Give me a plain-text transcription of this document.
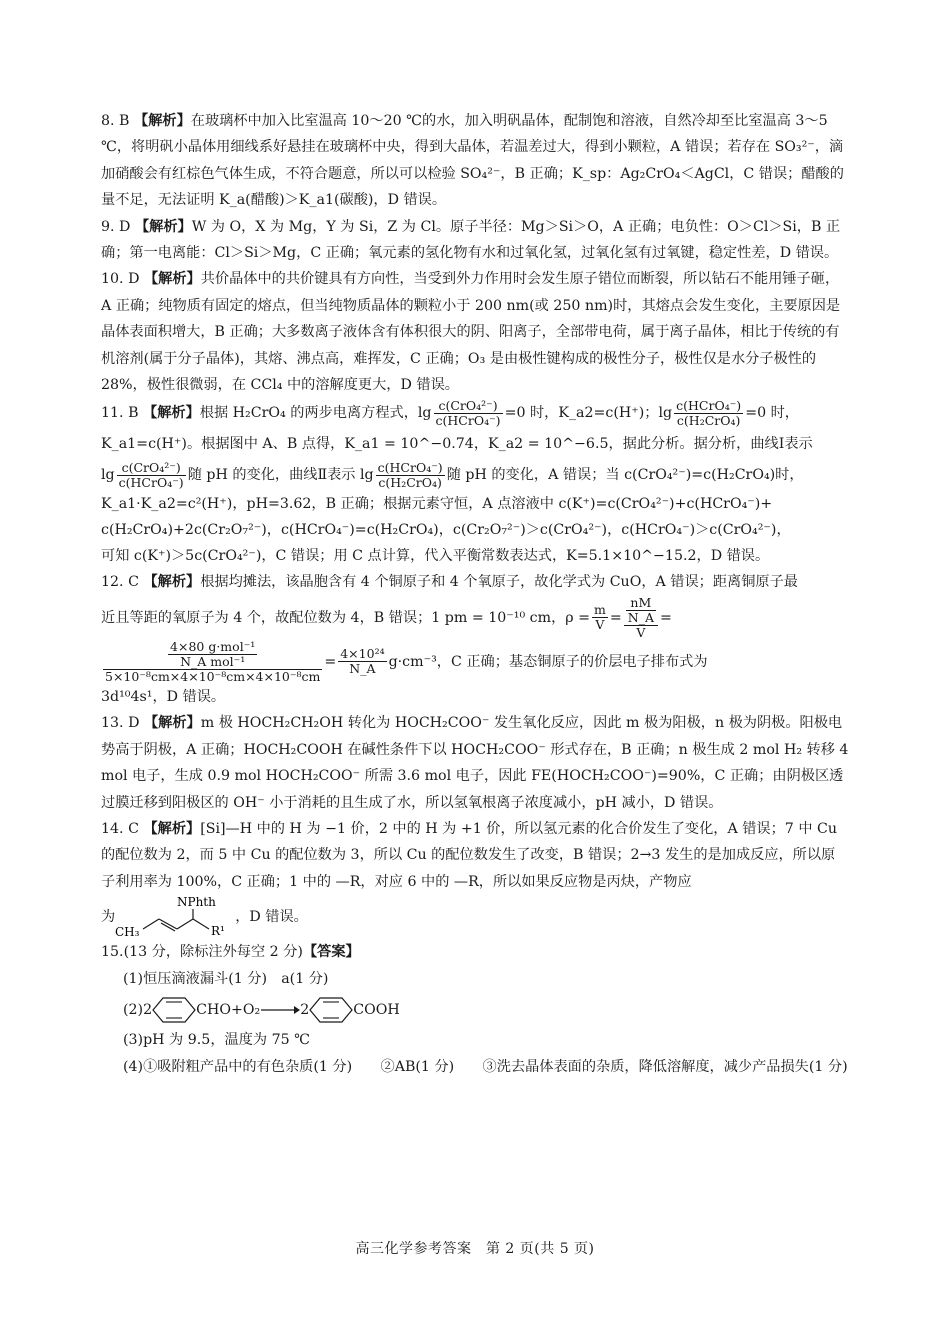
8. B 【解析】在玻璃杯中加入比室温高 10～20 ℃的水，加入明矾晶体，配制饱和溶液，自然冷却至比室温高 3～5 ℃，将明矾小晶体用细线系好悬挂在玻璃杯中央，得到大晶体，若温差过大，得到小颗粒，A 错误；若存在 SO₃²⁻，滴加硝酸会有红棕色气体生成，不符合题意，所以可以检验 SO₄²⁻，B 正确；K_sp：Ag₂CrO₄＜AgCl，C 错误；醋酸的量不足，无法证明 K_a(醋酸)＞K_a1(碳酸)，D 错误。

9. D 【解析】W 为 O，X 为 Mg，Y 为 Si，Z 为 Cl。原子半径：Mg＞Si＞O，A 正确；电负性：O＞Cl＞Si，B 正确；第一电离能：Cl＞Si＞Mg，C 正确；氧元素的氢化物有水和过氧化氢，过氧化氢有过氧键，稳定性差，D 错误。

10. D 【解析】共价晶体中的共价键具有方向性，当受到外力作用时会发生原子错位而断裂，所以钻石不能用锤子砸，A 正确；纯物质有固定的熔点，但当纯物质晶体的颗粒小于 200 nm(或 250 nm)时，其熔点会发生变化，主要原因是晶体表面积增大，B 正确；大多数离子液体含有体积很大的阴、阳离子，全部带电荷，属于离子晶体，相比于传统的有机溶剂(属于分子晶体)，其熔、沸点高，难挥发，C 正确；O₃ 是由极性键构成的极性分子，极性仅是水分子极性的 28%，极性很微弱，在 CCl₄ 中的溶解度更大，D 错误。

11. B 【解析】根据 H₂CrO₄ 的两步电离方程式，$\lg \frac{\text{c(CrO₄²⁻)}}{\text{c(HCrO₄⁻)}} =0$ 时，K_a2=c(H⁺)；$\lg \frac{\text{c(HCrO₄⁻)}}{\text{c(H₂CrO₄)}} =0$ 时，
K_a1=c(H⁺)。根据图中 A、B 点得，K_a1 = 10^−0.74，K_a2 = 10^−6.5，据此分析。据分析，曲线Ⅰ表示
$\lg \frac{\text{c(CrO₄²⁻)}}{\text{c(HCrO₄⁻)}}$ 随 pH 的变化，曲线Ⅱ表示 $\lg \frac{\text{c(HCrO₄⁻)}}{\text{c(H₂CrO₄)}}$ 随 pH 的变化，A 错误；当 c(CrO₄²⁻)=c(H₂CrO₄)时，
K_a1·K_a2=c²(H⁺)，pH=3.62，B 正确；根据元素守恒，A 点溶液中 c(K⁺)=c(CrO₄²⁻)+c(HCrO₄⁻)+
c(H₂CrO₄)+2c(Cr₂O₇²⁻)，c(HCrO₄⁻)=c(H₂CrO₄)，c(Cr₂O₇²⁻)＞c(CrO₄²⁻)，c(HCrO₄⁻)＞c(CrO₄²⁻)，
可知 c(K⁺)＞5c(CrO₄²⁻)，C 错误；用 C 点计算，代入平衡常数表达式，K=5.1×10^−15.2，D 错误。
12. C 【解析】根据均摊法，该晶胞含有 4 个铜原子和 4 个氧原子，故化学式为 CuO，A 错误；距离铜原子最
近且等距的氧原子为 4 个，故配位数为 4，B 错误；1 pm = 10⁻¹⁰ cm，$\rho = \frac{m}{V} = \frac{\frac{nM}{N\_A}}{V}$ =
$\frac{\frac{\text{4×80 g·mol⁻¹}}{\text{N\_A mol⁻¹}}}{\text{5×10⁻⁸cm×4×10⁻⁸cm×4×10⁻⁸cm}} = \frac{\text{4×10²⁴}}{N\_A} g\cdot cm^{-3}$，C 正确；基态铜原子的价层电子排布式为
3d¹⁰4s¹，D 错误。

13. D 【解析】m 极 HOCH₂CH₂OH 转化为 HOCH₂COO⁻ 发生氧化反应，因此 m 极为阳极，n 极为阴极。阳极电势高于阴极，A 正确；HOCH₂COOH 在碱性条件下以 HOCH₂COO⁻ 形式存在，B 正确；n 极生成 2 mol H₂ 转移 4 mol 电子，生成 0.9 mol HOCH₂COO⁻ 所需 3.6 mol 电子，因此 FE(HOCH₂COO⁻)=90%，C 正确；由阴极区透过膜迁移到阳极区的 OH⁻ 小于消耗的且生成了水，所以氢氧根离子浓度减小，pH 减小，D 错误。

14. C 【解析】[Si]—H 中的 H 为 −1 价，2 中的 H 为 +1 价，所以氢元素的化合价发生了变化，A 错误；7 中 Cu 的配位数为 2，而 5 中 Cu 的配位数为 3，所以 Cu 的配位数发生了改变，B 错误；2→3 发生的是加成反应，所以原子利用率为 100%，C 正确；1 中的 —R，对应 6 中的 —R，所以如果反应物是丙炔，产物应

为
NPhth
CH₃	R¹
，D 错误。

15.(13 分，除标注外每空 2 分)【答案】
(1)恒压滴液漏斗(1 分)　a(1 分)
(2)2	CHO+O₂→2	COOH
(3)pH 为 9.5，温度为 75 ℃
(4)①吸附粗产品中的有色杂质(1 分)　　②AB(1 分)　　③洗去晶体表面的杂质，降低溶解度，减少产品损失(1 分)
高三化学参考答案　第 2 页(共 5 页)
